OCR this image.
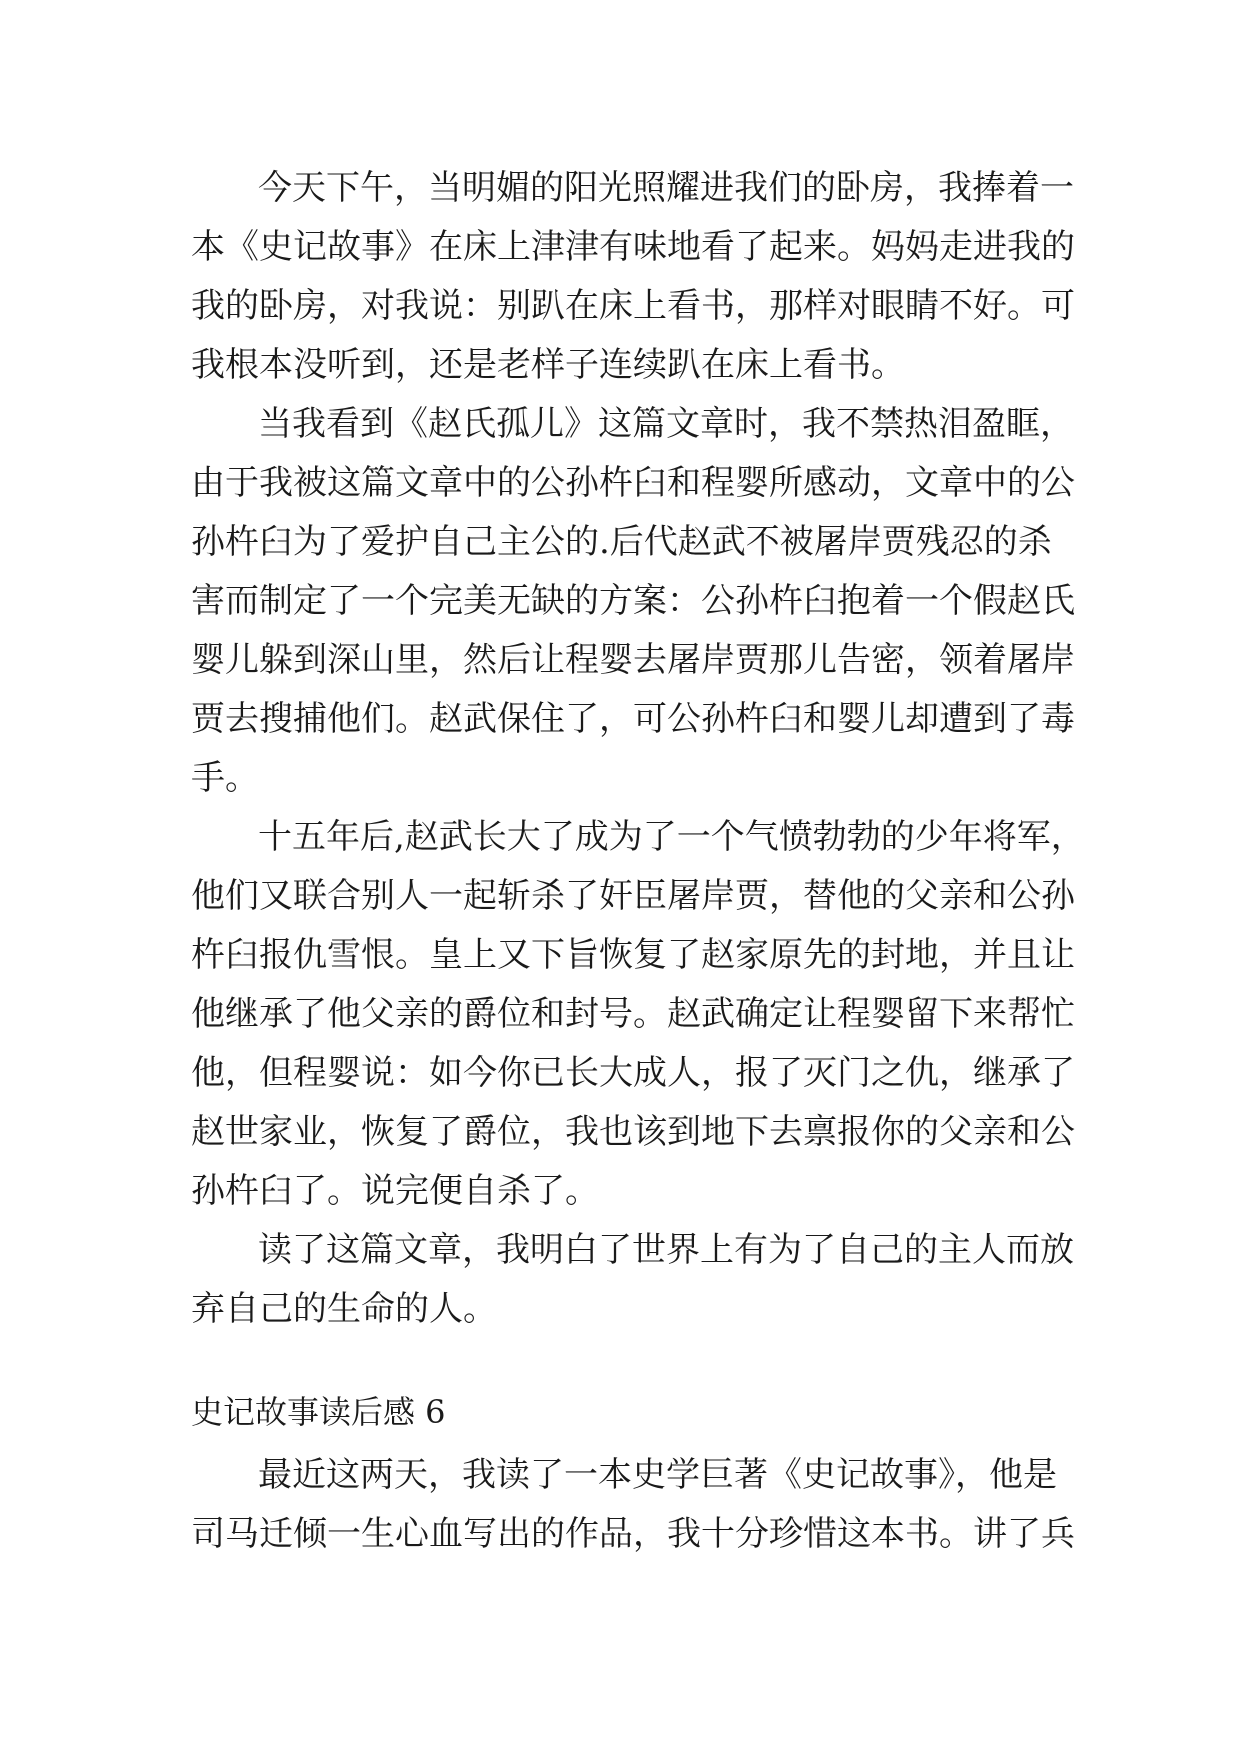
今天下午，当明媚的阳光照耀进我们的卧房，我捧着一
本《史记故事》在床上津津有味地看了起来。妈妈走进我的
我的卧房，对我说：别趴在床上看书，那样对眼睛不好。可
我根本没听到，还是老样子连续趴在床上看书。
当我看到《赵氏孤儿》这篇文章时，我不禁热泪盈眶，
由于我被这篇文章中的公孙杵臼和程婴所感动，文章中的公
孙杵臼为了爱护自己主公的.后代赵武不被屠岸贾残忍的杀
害而制定了一个完美无缺的方案：公孙杵臼抱着一个假赵氏
婴儿躲到深山里，然后让程婴去屠岸贾那儿告密，领着屠岸
贾去搜捕他们。赵武保住了，可公孙杵臼和婴儿却遭到了毒
手。
十五年后,赵武长大了成为了一个气愤勃勃的少年将军，
他们又联合别人一起斩杀了奸臣屠岸贾，替他的父亲和公孙
杵臼报仇雪恨。皇上又下旨恢复了赵家原先的封地，并且让
他继承了他父亲的爵位和封号。赵武确定让程婴留下来帮忙
他，但程婴说：如今你已长大成人，报了灭门之仇，继承了
赵世家业，恢复了爵位，我也该到地下去禀报你的父亲和公
孙杵臼了。说完便自杀了。
读了这篇文章，我明白了世界上有为了自己的主人而放
弃自己的生命的人。
史记故事读后感 6
最近这两天，我读了一本史学巨著《史记故事》，他是
司马迁倾一生心血写出的作品，我十分珍惜这本书。讲了兵
